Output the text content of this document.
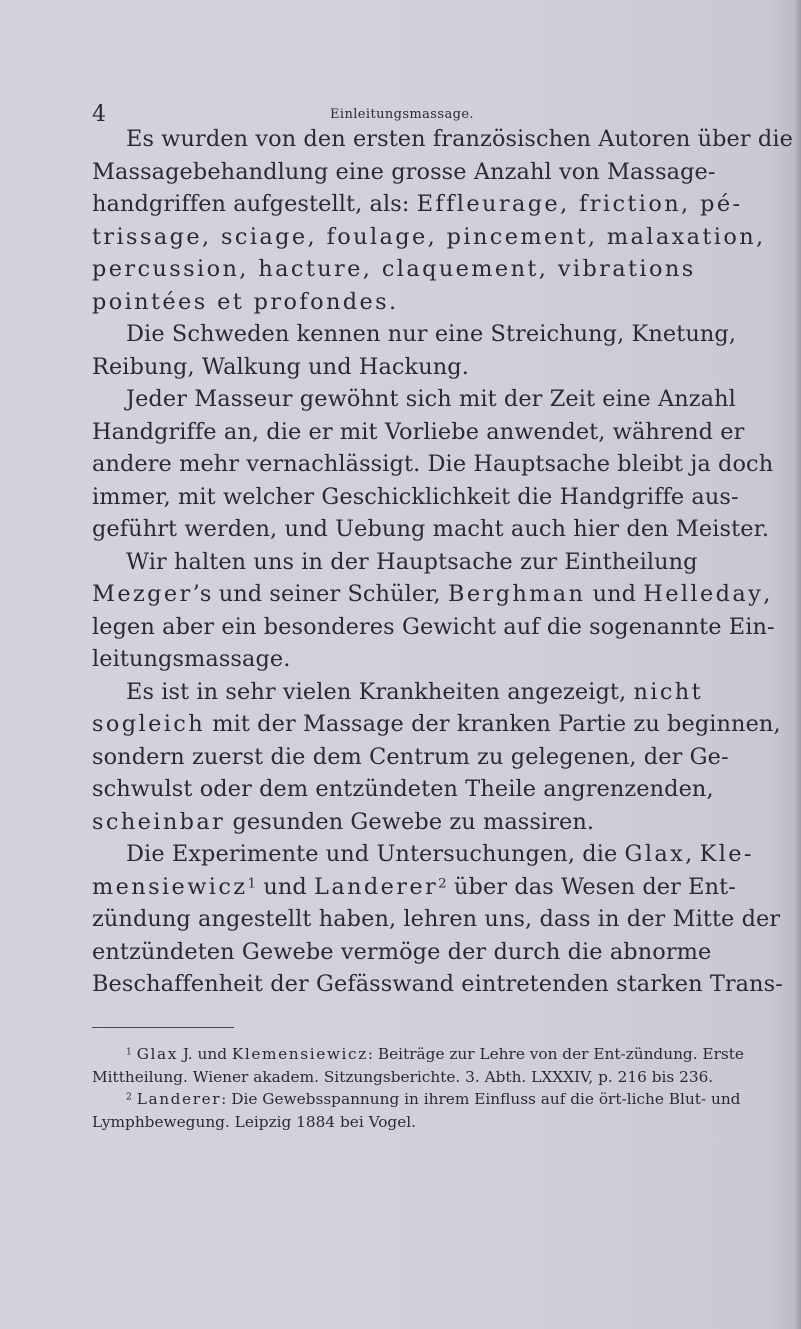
4	Einleitungsmassage.

Es wurden von den ersten französischen Autoren über die Massagebehandlung eine grosse Anzahl von Massage-handgriffen aufgestellt, als: Effleurage, friction, pé-trissage, sciage, foulage, pincement, malaxation, percussion, hacture, claquement, vibrations pointées et profondes.

Die Schweden kennen nur eine Streichung, Knetung, Reibung, Walkung und Hackung.

Jeder Masseur gewöhnt sich mit der Zeit eine Anzahl Handgriffe an, die er mit Vorliebe anwendet, während er andere mehr vernachlässigt. Die Hauptsache bleibt ja doch immer, mit welcher Geschicklichkeit die Handgriffe aus-geführt werden, und Uebung macht auch hier den Meister.

Wir halten uns in der Hauptsache zur Eintheilung Mezger’s und seiner Schüler, Berghman und Helleday, legen aber ein besonderes Gewicht auf die sogenannte Ein-leitungsmassage.

Es ist in sehr vielen Krankheiten angezeigt, nicht sogleich mit der Massage der kranken Partie zu beginnen, sondern zuerst die dem Centrum zu gelegenen, der Ge-schwulst oder dem entzündeten Theile angrenzenden, scheinbar gesunden Gewebe zu massiren.

Die Experimente und Untersuchungen, die Glax, Kle-mensiewicz$^1$ und Landerer$^2$ über das Wesen der Ent-zündung angestellt haben, lehren uns, dass in der Mitte der entzündeten Gewebe vermöge der durch die abnorme Beschaffenheit der Gefässwand eintretenden starken Trans-

$^1$ Glax J. und Klemensiewicz: Beiträge zur Lehre von der Ent-zündung. Erste Mittheilung. Wiener akadem. Sitzungsberichte. 3. Abth. LXXXIV, p. 216 bis 236.

$^2$ Landerer: Die Gewebsspannung in ihrem Einfluss auf die ört-liche Blut- und Lymphbewegung. Leipzig 1884 bei Vogel.
